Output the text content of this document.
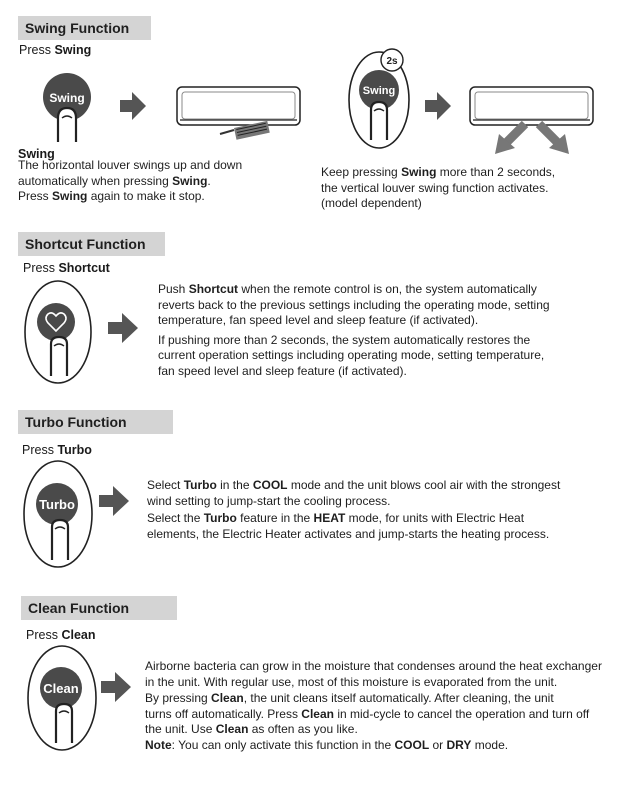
Swing Function
Press Swing
Swing
Swing

The horizontal louver swings up and down

automatically when pressing Swing.

Press Swing again to make it stop.

2s
Swing

Keep pressing Swing more than 2 seconds,

the vertical louver swing function activates.

(model dependent)

Shortcut Function
Press Shortcut

Push Shortcut when the remote control is on, the system automatically

reverts back to the previous settings including the operating mode, setting

temperature, fan speed level and sleep feature (if activated).

If pushing more than 2 seconds, the system automatically restores the

current operation settings including operating mode, setting temperature,

fan speed level and sleep feature (if activated).

Turbo Function
Press Turbo
Turbo

Select Turbo in the COOL mode and the unit blows cool air with the strongest

wind setting to jump-start the cooling process.

Select the Turbo feature in the HEAT mode, for units with Electric Heat

elements, the Electric Heater activates and jump-starts the heating process.

Clean Function
Press Clean
Clean

Airborne bacteria can grow in the moisture that condenses around the heat exchanger

in the unit. With regular use, most of this moisture is evaporated from the unit.

By pressing Clean, the unit cleans itself automatically. After cleaning, the unit

turns off automatically. Press Clean in mid-cycle to cancel the operation and turn off

the unit. Use Clean as often as you like.

Note: You can only activate this function in the COOL or DRY mode.
